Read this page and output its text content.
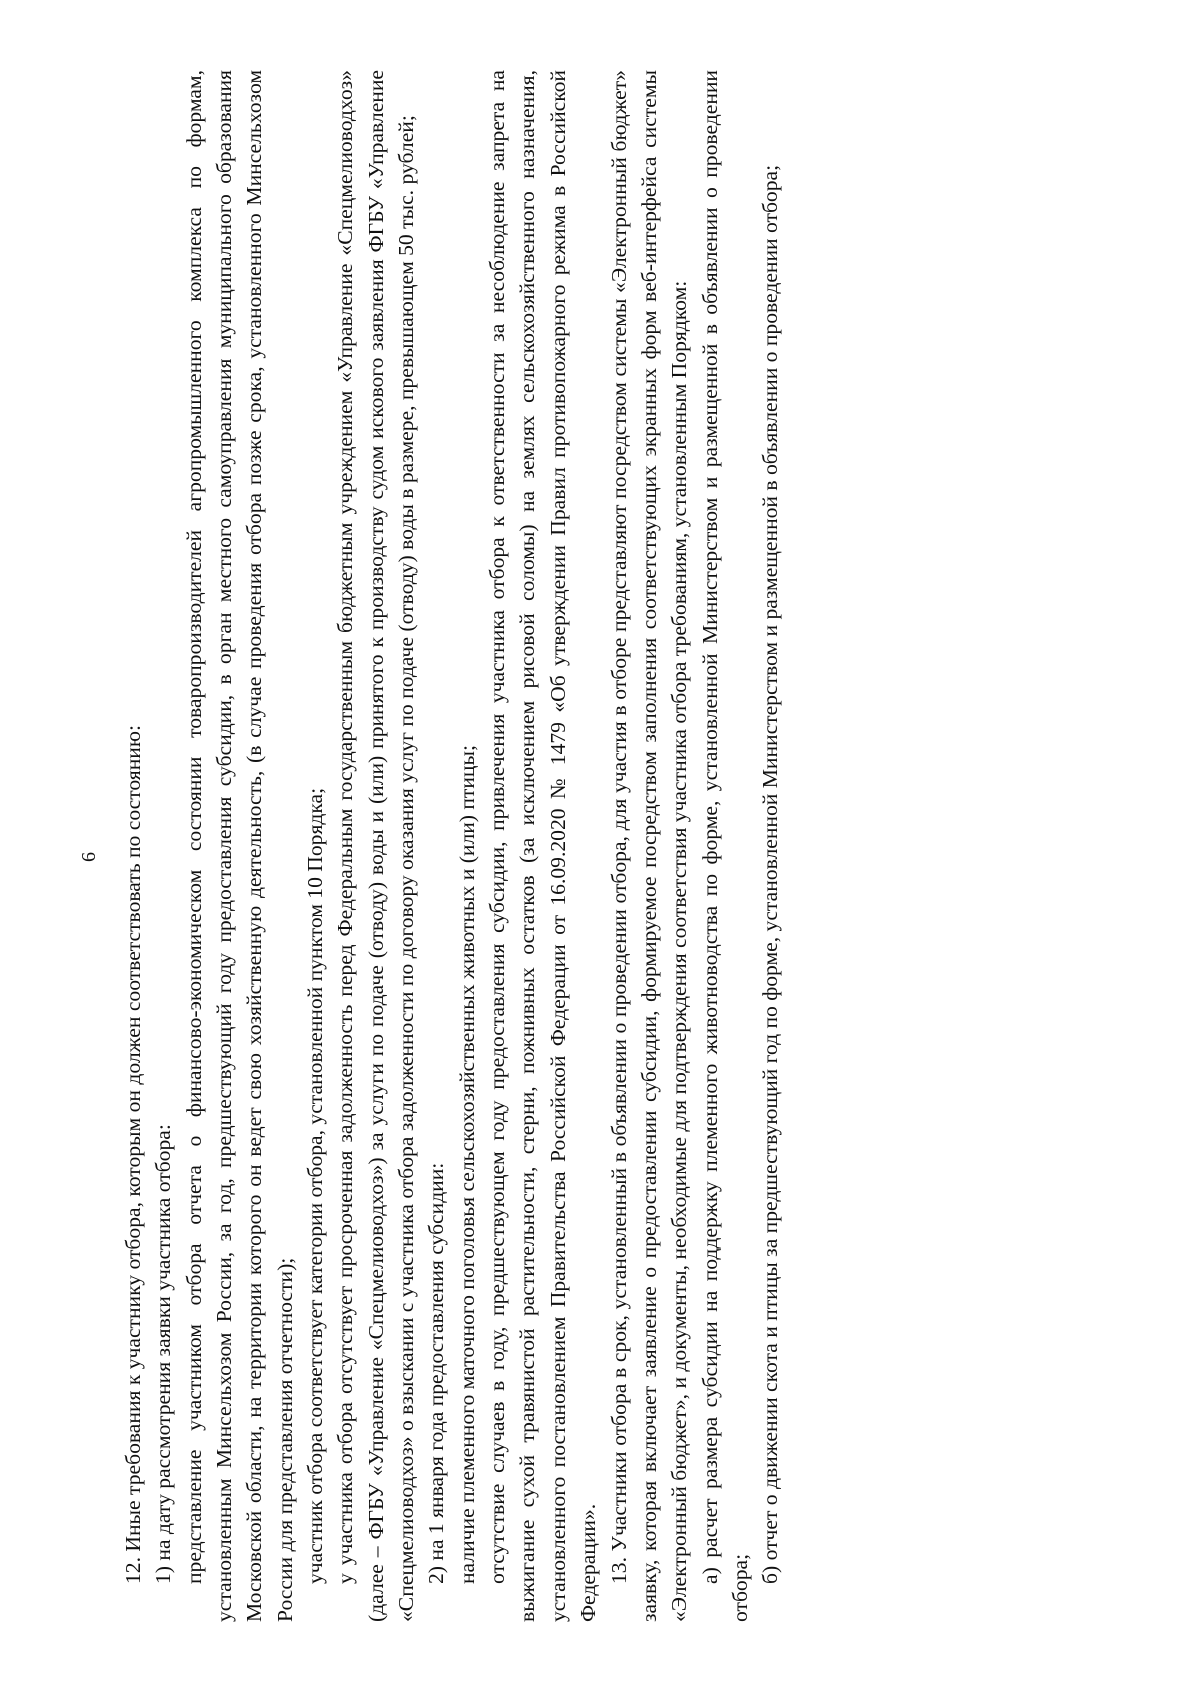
6 12. Иные требования к участнику отбора, которым он должен соответствовать по состоянию: 1) на дату рассмотрения заявки участника отбора: представление участником отбора отчета о финансово-экономическом состоянии товаропроизводителей агропромышленного комплекса по формам, установленным Минсельхозом России, за год, предшествующий году предоставления субсидии, в орган местного самоуправления муниципального образования Московской области, на территории которого он ведет свою хозяйственную деятельность, (в случае проведения отбора позже срока, установленного Минсельхозом России для представления отчетности); участник отбора соответствует категории отбора, установленной пунктом 10 Порядка; у участника отбора отсутствует просроченная задолженность перед Федеральным государственным бюджетным учреждением «Управление «Спецмелиоводхоз» (далее – ФГБУ «Управление «Спецмелиоводхоз») за услуги по подаче (отводу) воды и (или) принятого к производству судом искового заявления ФГБУ «Управление «Спецмелиоводхоз» о взыскании с участника отбора задолженности по договору оказания услуг по подаче (отводу) воды в размере, превышающем 50 тыс. рублей; 2) на 1 января года предоставления субсидии: наличие племенного маточного поголовья сельскохозяйственных животных и (или) птицы; отсутствие случаев в году, предшествующем году предоставления субсидии, привлечения участника отбора к ответственности за несоблюдение запрета на выжигание сухой травянистой растительности, стерни, пожнивных остатков (за исключением рисовой соломы) на землях сельскохозяйственного назначения, установленного постановлением Правительства Российской Федерации от 16.09.2020 № 1479 «Об утверждении Правил противопожарного режима в Российской Федерации». 13. Участники отбора в срок, установленный в объявлении о проведении отбора, для участия в отборе представляют посредством системы «Электронный бюджет» заявку, которая включает заявление о предоставлении субсидии, формируемое посредством заполнения соответствующих экранных форм веб-интерфейса системы «Электронный бюджет», и документы, необходимые для подтверждения соответствия участника отбора требованиям, установленным Порядком: а) расчет размера субсидии на поддержку племенного животноводства по форме, установленной Министерством и размещенной в объявлении о проведении отбора;

б) отчет о движении скота и птицы за предшествующий год по форме, установленной Министерством и размещенной в объявлении о проведении отбора;
